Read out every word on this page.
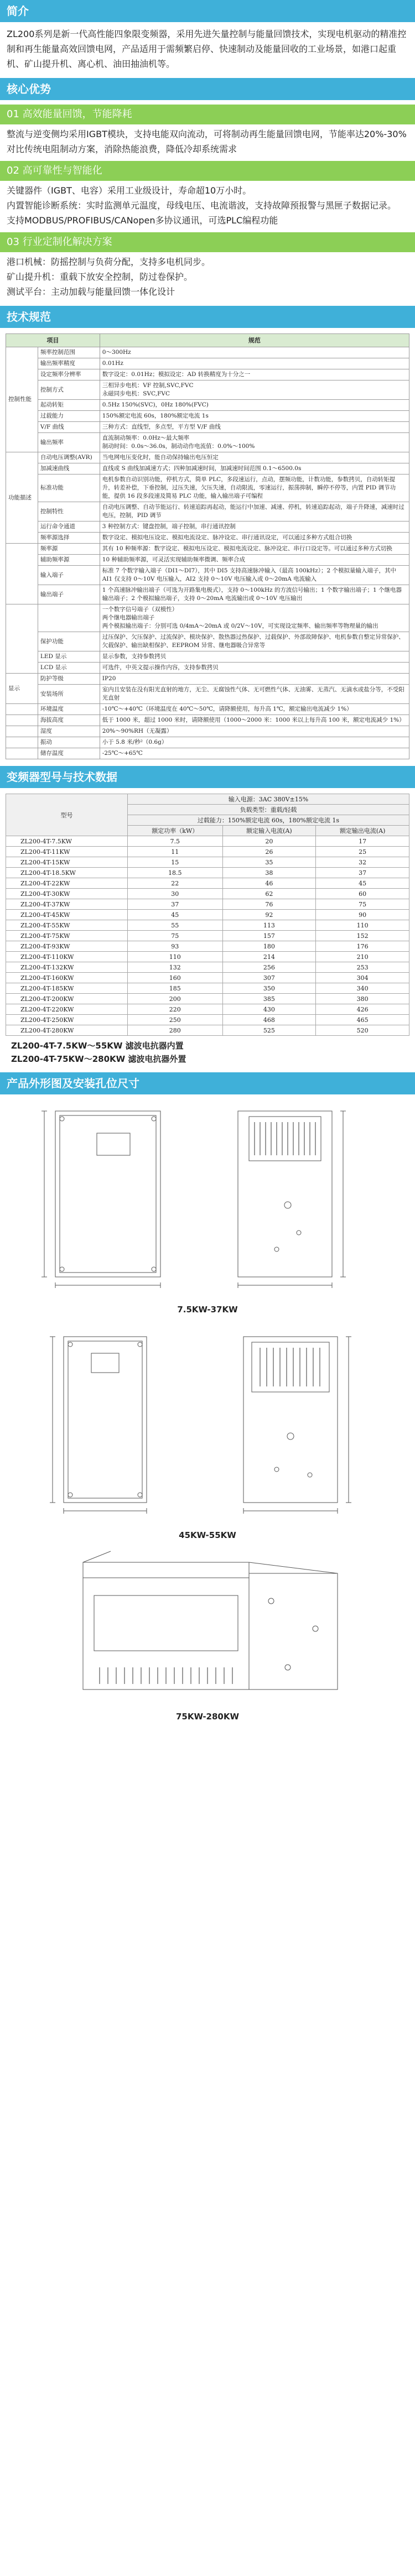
简介
ZL200系列是新一代高性能四象限变频器，采用先进矢量控制与能量回馈技术，实现电机驱动的精准控制和再生能量高效回馈电网，产品适用于需频繁启停、快速制动及能量回收的工业场景，如港口起重机、矿山提升机、离心机、油田抽油机等。
核心优势
01 高效能量回馈，节能降耗
整流与逆变侧均采用IGBT模块，支持电能双向流动，可将制动再生能量回馈电网，节能率达20%-30%
对比传统电阻制动方案，消除热能浪费，降低冷却系统需求
02 高可靠性与智能化
关键器件（IGBT、电容）采用工业级设计，寿命超10万小时。
内置智能诊断系统：实时监测单元温度，母线电压、电流谐波，支持故障预报警与黑匣子数据记录。
支持MODBUS/PROFIBUS/CANopen多协议通讯，可选PLC编程功能
03 行业定制化解决方案
港口机械：防摇控制与负荷分配，支持多电机同步。
矿山提升机：重载下放安全控制，防过卷保护。
测试平台：主动加载与能量回馈一体化设计
技术规范
项目		规范
控制性能	频率控制范围	0～300Hz
	输出频率精度	0.01Hz
	设定频率分辨率	数字设定：0.01Hz；模拟设定：AD 转换精度为十分之一
	控制方式	三相异步电机：VF 控制,SVC,FVC
永磁同步电机：SVC,FVC
	起动转矩	0.5Hz 150%(SVC)，0Hz 180%(FVC)
	过载能力	150%额定电流 60s，180%额定电流 1s
	V/F 曲线	三种方式：直线型，多点型，平方型 V/F 曲线
	输出频率	直流制动频率：0.0Hz～最大频率
制动时间：0.0s～36.0s，制动动作电流值：0.0%～100%
功能描述	自动电压调整(AVR)	当电网电压变化时，能自动保持输出电压恒定
	加减速曲线	直线或 S 曲线加减速方式；四种加减速时间，加减速时间范围 0.1～6500.0s
	标准功能	电机参数自动识别功能，停机方式，简单 PLC，多段速运行，点动，摆频功能，计数功能，参数拷贝，自动转矩提升，转差补偿，下垂控制，过压失速，欠压失速，自动限流，零速运行，振荡抑制，瞬停不停等，内置 PID 调节功能，提供 16 段多段速及简易 PLC 功能，输入输出端子可编程
	控制特性	自动电压调整、自动节能运行、转速追踪再起动，能运行中加速、减速、停机，转速追踪起动，端子升降速，减速时过电压，控制，PID 调节
	运行命令通道	3 种控制方式：键盘控制，端子控制，串行通讯控制
	频率源选择	数字设定、模拟电压设定、模拟电流设定、脉冲设定、串行通讯设定，可以通过多种方式组合切换
	频率源	其有 10 种频率源：数字设定、模拟电压设定、模拟电流设定、脉冲设定、串行口设定等。可以通过多种方式切换
	辅助频率源	10 种辅助频率源，可灵活实现辅助频率微调、频率合成
	输入端子	标准 7 个数字输入端子（DI1～DI7），其中 DI5 支持高速脉冲输入（最高 100kHz）；2 个模拟量输入端子，其中 AI1 仅支持 0～10V 电压输入，AI2 支持 0～10V 电压输入或 0～20mA 电流输入
	输出端子	1 个高速脉冲输出端子（可选为开路集电极式），支持 0～100kHz 的方波信号输出；1 个数字输出端子；1 个继电器输出端子；2 个模拟输出端子，支持 0～20mA 电流输出或 0～10V 电压输出
		一个数字信号端子（双模性）
两个继电器输出端子
两个模拟输出端子：分别可选 0/4mA～20mA 或 0/2V～10V，可实现设定频率、输出频率等物理量的输出
	保护功能	过压保护、欠压保护、过流保护、模块保护、散热器过热保护、过载保护、外部故障保护、电机参数自整定异常保护、欠载保护、输出缺相保护、EEPROM 异常、继电器吸合异常等
	LED 显示	显示参数，支持参数拷贝
	LCD 显示	可选件，中英文提示操作内容，支持参数拷贝
显示	防护等级	IP20
	安装场所	室内且安装在没有阳光直射的地方，无尘、无腐蚀性气体、无可燃性气体、无油雾、无蒸汽、无滴水或盐分等，不受阳光直射
	环境温度	-10℃～+40℃（环境温度在 40℃～50℃，请降额使用，每升高 1℃，额定输出电流减少 1%）
	海拔高度	低于 1000 米，超过 1000 米时，请降额使用（1000～2000 米：1000 米以上每升高 100 米，额定电流减少 1%）
	湿度	20%～90%RH（无凝露）
	振动	小于 5.8 米/秒²（0.6g）
	储存温度	-25℃～+65℃
变频器型号与技术数据
型号	输入电源：3AC 380V±15%		
	负载类型：重载/轻载		
	过载能力：150%额定电流 60s，180%额定电流 1s		
	额定功率（kW）	额定输入电流(A)	额定输出电流(A)
ZL200-4T-7.5KW	7.5	20	17
ZL200-4T-11KW	11	26	25
ZL200-4T-15KW	15	35	32
ZL200-4T-18.5KW	18.5	38	37
ZL200-4T-22KW	22	46	45
ZL200-4T-30KW	30	62	60
ZL200-4T-37KW	37	76	75
ZL200-4T-45KW	45	92	90
ZL200-4T-55KW	55	113	110
ZL200-4T-75KW	75	157	152
ZL200-4T-93KW	93	180	176
ZL200-4T-110KW	110	214	210
ZL200-4T-132KW	132	256	253
ZL200-4T-160KW	160	307	304
ZL200-4T-185KW	185	350	340
ZL200-4T-200KW	200	385	380
ZL200-4T-220KW	220	430	426
ZL200-4T-250KW	250	468	465
ZL200-4T-280KW	280	525	520
ZL200-4T-7.5KW～55KW 滤波电抗器内置
ZL200-4T-75KW～280KW 滤波电抗器外置
产品外形图及安装孔位尺寸
7.5KW-37KW
45KW-55KW
75KW-280KW
